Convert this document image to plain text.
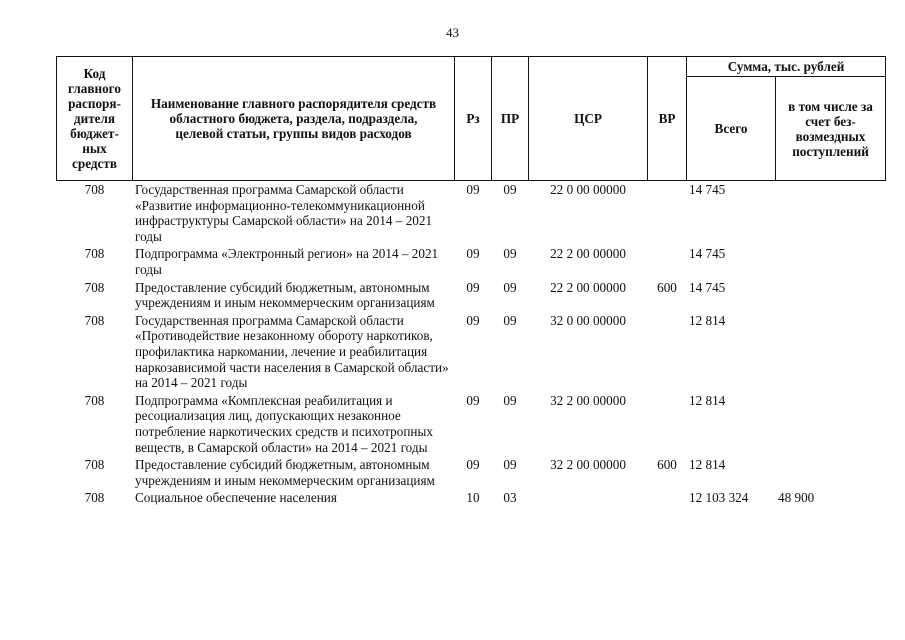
43
Код главного распоря-дителя бюджет-ных средств	Наименование главного распорядителя средств областного бюджета, раздела, подраздела, целевой статьи, группы видов расходов	Рз	ПР	ЦСР	ВР	Сумма, тыс. рублей	
						Всего	в том числе за счет без-возмездных поступлений
708	Государственная программа Самарской области «Развитие информационно-телекоммуникационной инфраструктуры Самарской области» на 2014 – 2021 годы	09	09	22 0 00 00000		14 745	
708	Подпрограмма «Электронный регион» на 2014 – 2021 годы	09	09	22 2 00 00000		14 745	
708	Предоставление субсидий бюджетным, автономным учреждениям и иным некоммерческим организациям	09	09	22 2 00 00000	600	14 745	
708	Государственная программа Самарской области «Противодействие незаконному обороту наркотиков, профилактика наркомании, лечение и реабилитация наркозависимой части населения в Самарской области» на 2014 – 2021 годы	09	09	32 0 00 00000		12 814	
708	Подпрограмма «Комплексная реабилитация и ресоциализация лиц, допускающих незаконное потребление наркотических средств и психотропных веществ, в Самарской области» на 2014 – 2021 годы	09	09	32 2 00 00000		12 814	
708	Предоставление субсидий бюджетным, автономным учреждениям и иным некоммерческим организациям	09	09	32 2 00 00000	600	12 814	
708	Социальное обеспечение населения	10	03			12 103 324	48 900
